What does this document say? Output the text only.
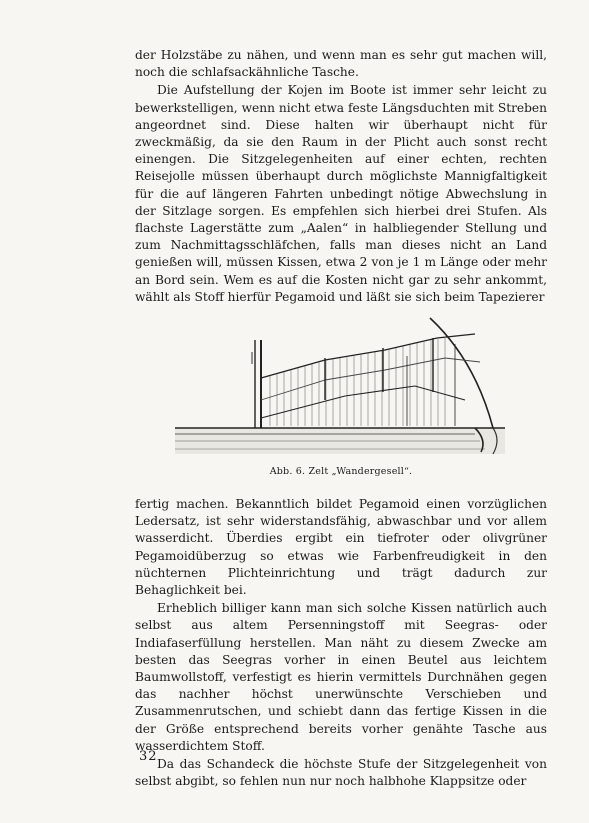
der Holzstäbe zu nähen, und wenn man es sehr gut machen will, noch die schlafsackähnliche Tasche.

Die Aufstellung der Kojen im Boote ist immer sehr leicht zu bewerkstelligen, wenn nicht etwa feste Längsduchten mit Streben angeordnet sind. Diese halten wir überhaupt nicht für zweckmäßig, da sie den Raum in der Plicht auch sonst recht einengen. Die Sitzgelegenheiten auf einer echten, rechten Reisejolle müssen überhaupt durch möglichste Mannigfaltigkeit für die auf längeren Fahrten unbedingt nötige Abwechslung in der Sitzlage sorgen. Es empfehlen sich hierbei drei Stufen. Als flachste Lagerstätte zum „Aalen“ in halbliegender Stellung und zum Nachmittagsschläfchen, falls man dieses nicht an Land genießen will, müssen Kissen, etwa 2 von je 1 m Länge oder mehr an Bord sein. Wem es auf die Kosten nicht gar zu sehr ankommt, wählt als Stoff hierfür Pegamoid und läßt sie sich beim Tapezierer

Abb. 6. Zelt „Wandergesell“.

fertig machen. Bekanntlich bildet Pegamoid einen vorzüglichen Ledersatz, ist sehr widerstandsfähig, abwaschbar und vor allem wasserdicht. Überdies ergibt ein tiefroter oder olivgrüner Pegamoidüberzug so etwas wie Farbenfreudigkeit in den nüchternen Plichteinrichtung und trägt dadurch zur Behaglichkeit bei.

Erheblich billiger kann man sich solche Kissen natürlich auch selbst aus altem Persenningstoff mit Seegras- oder Indiafaserfüllung herstellen. Man näht zu diesem Zwecke am besten das Seegras vorher in einen Beutel aus leichtem Baumwollstoff, verfestigt es hierin vermittels Durchnähen gegen das nachher höchst unerwünschte Verschieben und Zusammenrutschen, und schiebt dann das fertige Kissen in die der Größe entsprechend bereits vorher genähte Tasche aus wasserdichtem Stoff.

Da das Schandeck die höchste Stufe der Sitzgelegenheit von selbst abgibt, so fehlen nun nur noch halbhohe Klappsitze oder

32
